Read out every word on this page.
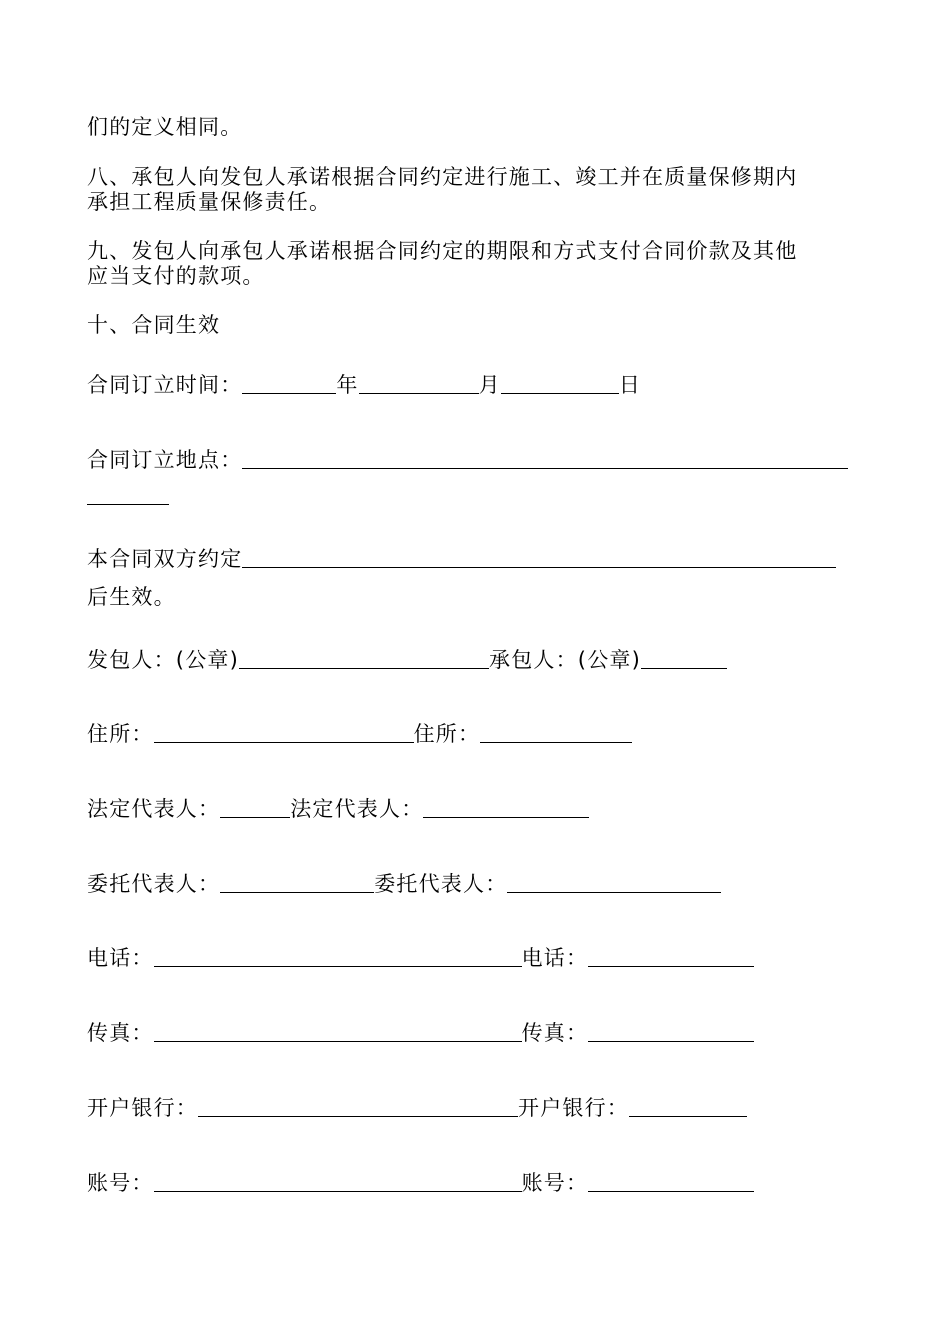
们的定义相同。
八、承包人向发包人承诺根据合同约定进行施工、竣工并在质量保修期内
承担工程质量保修责任。
九、发包人向承包人承诺根据合同约定的期限和方式支付合同价款及其他
应当支付的款项。
十、合同生效
合同订立时间：	年	月	日
合同订立地点：
本合同双方约定
后生效。
发包人：(公章)	承包人：(公章)
住所：	住所：
法定代表人：	法定代表人：
委托代表人：	委托代表人：
电话：	电话：
传真：	传真：
开户银行：	开户银行：
账号：	账号：
